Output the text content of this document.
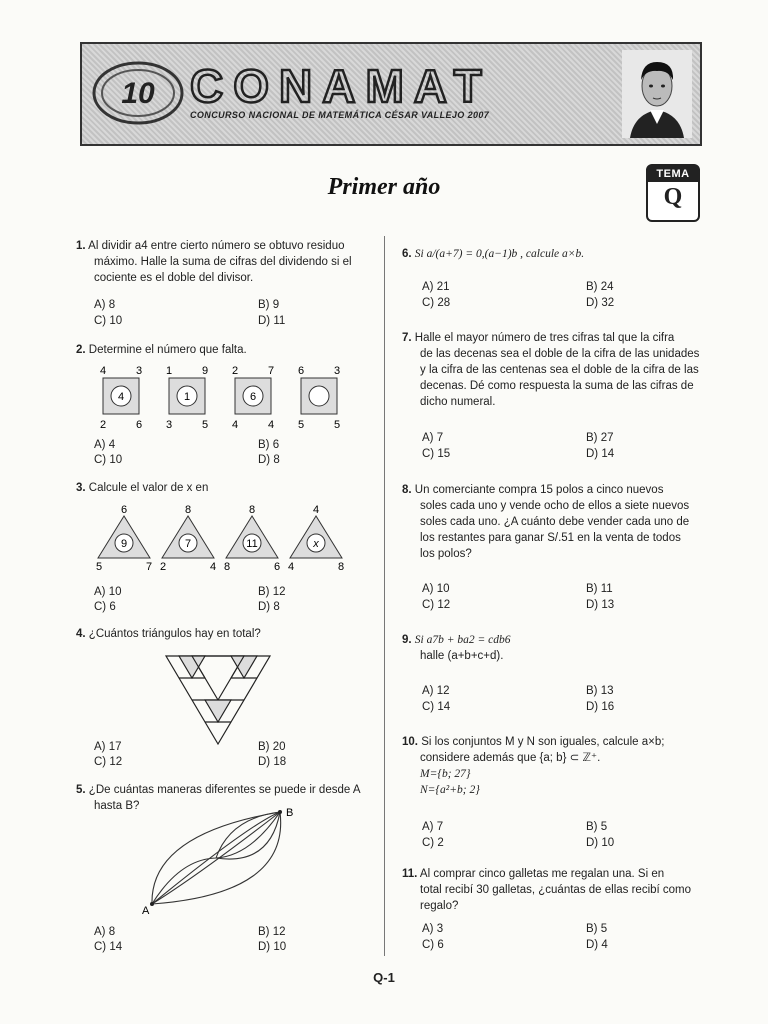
10 CONAMAT
CONCURSO NACIONAL DE MATEMÁTICA CÉSAR VALLEJO 2007
Primer año	TEMA
Q
1. Al dividir a4 entre cierto número se obtuvo residuo
máximo. Halle la suma de cifras del dividendo si el
cociente es el doble del divisor.
A) 8	B) 9
C) 10	D) 11
2. Determine el número que falta.
4
4	3
2	6
1
1	9
3	5
6
2	7
4	4
6	3
5	5
A) 4	B) 6
C) 10	D) 8
3. Calcule el valor de x en
9
6
5	7
7
8
2	4
11
8
8	6
x
4
4	8
A) 10	B) 12
C) 6	D) 8
4. ¿Cuántos triángulos hay en total?
A) 17	B) 20
C) 12	D) 18
5. ¿De cuántas maneras diferentes se puede ir desde A
hasta B?
A
B
A) 8	B) 12
C) 14	D) 10
6. Si a/(a+7) = 0,(a−1)b , calcule a×b.
A) 21	B) 24
C) 28	D) 32
7. Halle el mayor número de tres cifras tal que la cifra
de las decenas sea el doble de la cifra de las unidades
y la cifra de las centenas sea el doble de la cifra de las
decenas. Dé como respuesta la suma de las cifras de
dicho numeral.
A) 7	B) 27
C) 15	D) 14
8. Un comerciante compra 15 polos a cinco nuevos
soles cada uno y vende ocho de ellos a siete nuevos
soles cada uno. ¿A cuánto debe vender cada uno de
los restantes para ganar S/.51 en la venta de todos
los polos?
A) 10	B) 11
C) 12	D) 13
9. Si a7b + ba2 = cdb6
halle (a+b+c+d).
A) 12	B) 13
C) 14	D) 16
10. Si los conjuntos M y N son iguales, calcule a×b;
considere además que {a; b} ⊂ ℤ⁺.
M={b; 27}
N={a²+b; 2}
A) 7	B) 5
C) 2	D) 10
11. Al comprar cinco galletas me regalan una. Si en
total recibí 30 galletas, ¿cuántas de ellas recibí como
regalo?
A) 3	B) 5
C) 6	D) 4
Q-1
